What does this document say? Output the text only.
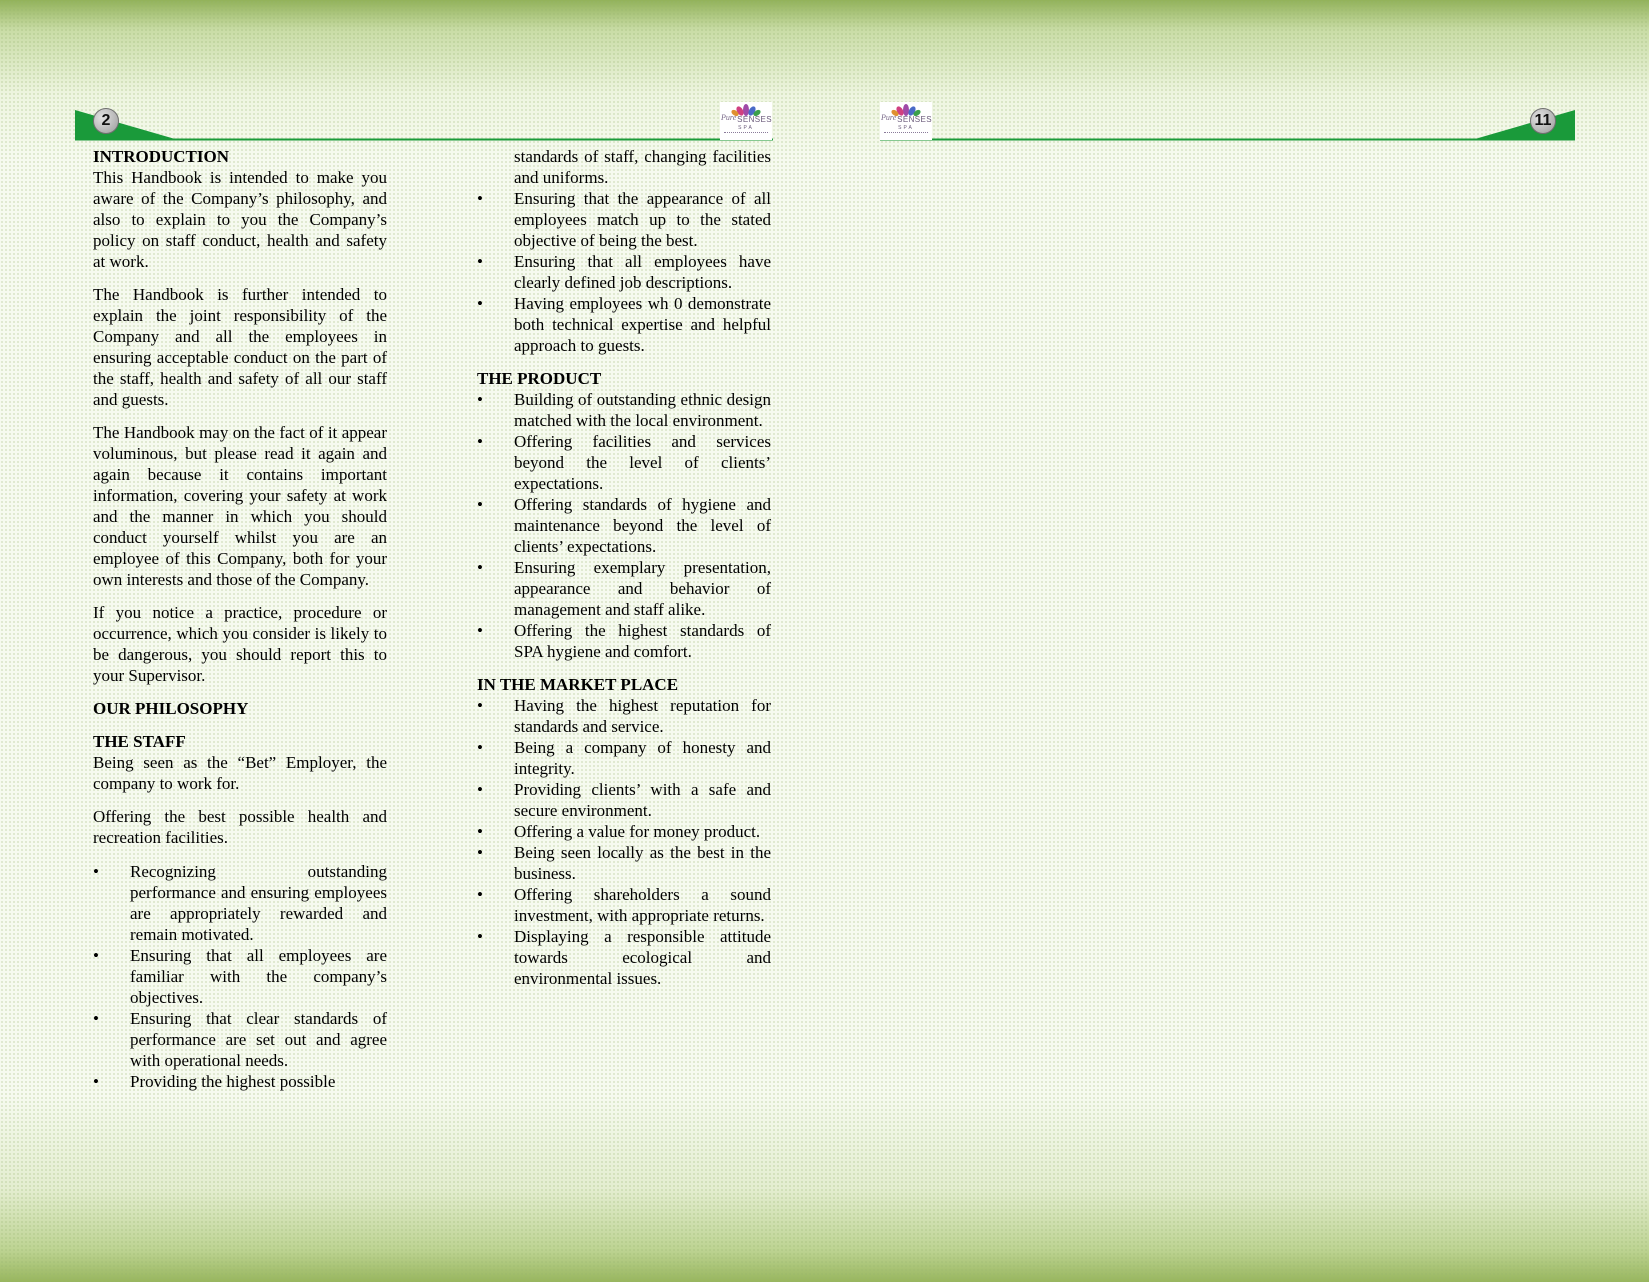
2	Pure SENSES
SPA
Pure SENSES
SPA	11
INTRODUCTION

This Handbook is intended to make you aware of the Company’s philosophy, and also to explain to you the Company’s policy on staff conduct, health and safety at work.

The Handbook is further intended to explain the joint responsibility of the Company and all the employees in ensuring acceptable conduct on the part of the staff, health and safety of all our staff and guests.

The Handbook may on the fact of it appear voluminous, but please read it again and again because it contains important information, covering your safety at work and the manner in which you should conduct yourself whilst you are an employee of this Company, both for your own interests and those of the Company.

If you notice a practice, procedure or occurrence, which you consider is likely to be dangerous, you should report this to your Supervisor.

OUR PHILOSOPHY
THE STAFF

Being seen as the “Bet” Employer, the company to work for.

Offering the best possible health and recreation facilities.

• Recognizing outstanding performance and ensuring employees are appropriately rewarded and remain motivated.
• Ensuring that all employees are familiar with the company’s objectives.
• Ensuring that clear standards of performance are set out and agree with operational needs.
• Providing the highest possible

standards of staff, changing facilities and uniforms.

• Ensuring that the appearance of all employees match up to the stated objective of being the best.
• Ensuring that all employees have clearly defined job descriptions.
• Having employees wh 0 demonstrate both technical expertise and helpful approach to guests.
THE PRODUCT
• Building of outstanding ethnic design matched with the local environment.
• Offering facilities and services beyond the level of clients’ expectations.
• Offering standards of hygiene and maintenance beyond the level of clients’ expectations.
• Ensuring exemplary presentation, appearance and behavior of management and staff alike.
• Offering the highest standards of SPA hygiene and comfort.
IN THE MARKET PLACE
• Having the highest reputation for standards and service.
• Being a company of honesty and integrity.
• Providing clients’ with a safe and secure environment.
• Offering a value for money product.
• Being seen locally as the best in the business.
• Offering shareholders a sound investment, with appropriate returns.
• Displaying a responsible attitude towards ecological and environmental issues.
